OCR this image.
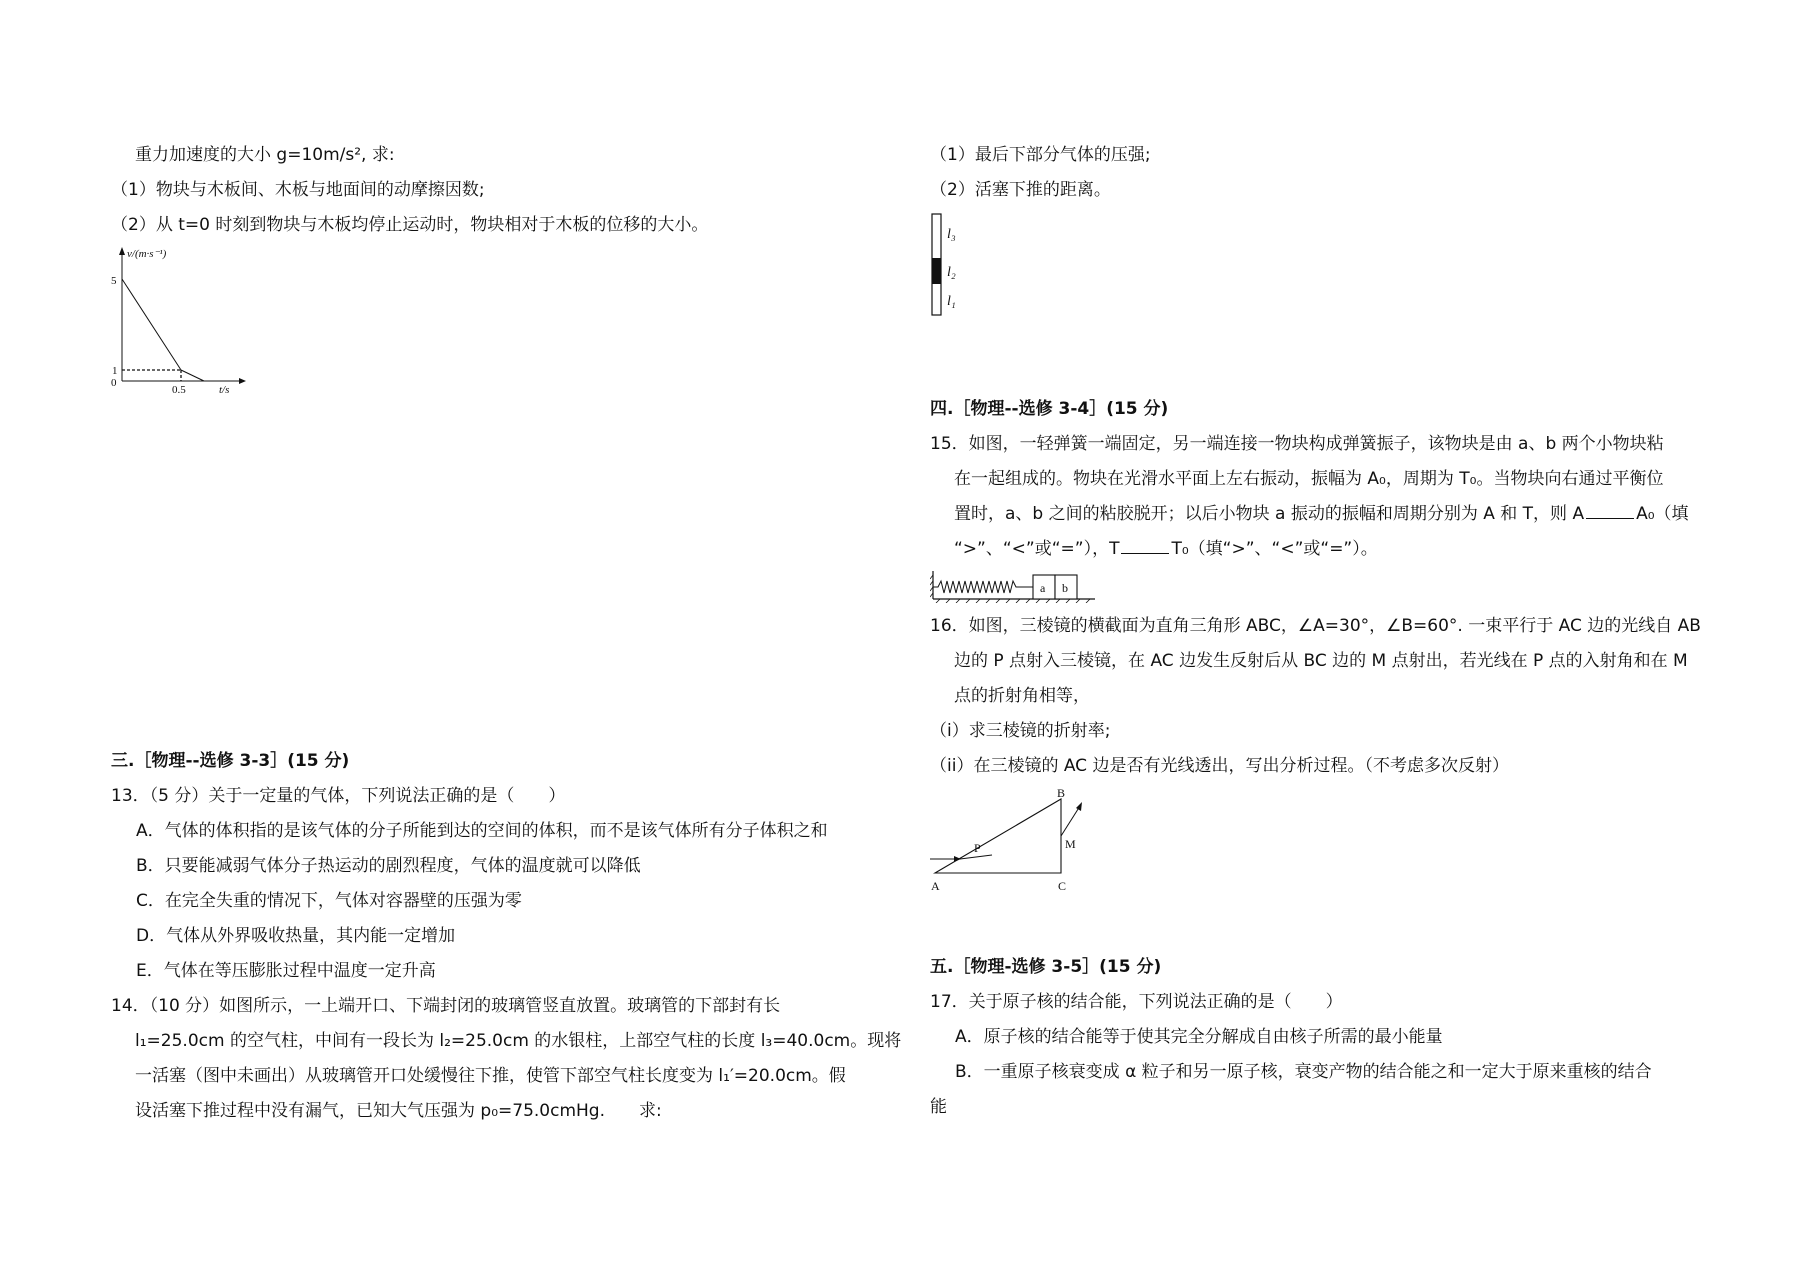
重力加速度的大小 g=10m/s², 求:
（1）物块与木板间、木板与地面间的动摩擦因数;
（2）从 t=0 时刻到物块与木板均停止运动时，物块相对于木板的位移的大小。
v/(m·s⁻¹)
5
1
0
0.5	t/s
三.［物理--选修 3-3］(15 分)
13．（5 分）关于一定量的气体，下列说法正确的是（　　）
A．气体的体积指的是该气体的分子所能到达的空间的体积，而不是该气体所有分子体积之和
B．只要能减弱气体分子热运动的剧烈程度，气体的温度就可以降低
C．在完全失重的情况下，气体对容器壁的压强为零
D．气体从外界吸收热量，其内能一定增加
E．气体在等压膨胀过程中温度一定升高
14．（10 分）如图所示，一上端开口、下端封闭的玻璃管竖直放置。玻璃管的下部封有长
l₁=25.0cm 的空气柱，中间有一段长为 l₂=25.0cm 的水银柱，上部空气柱的长度 l₃=40.0cm。现将
一活塞（图中未画出）从玻璃管开口处缓慢往下推，使管下部空气柱长度变为 l₁′=20.0cm。假
设活塞下推过程中没有漏气，已知大气压强为 p₀=75.0cmHg.　　求:
（1）最后下部分气体的压强;
（2）活塞下推的距离。
l₃
l₂
l₁
四.［物理--选修 3-4］(15 分)
15．如图，一轻弹簧一端固定，另一端连接一物块构成弹簧振子，该物块是由 a、b 两个小物块粘
在一起组成的。物块在光滑水平面上左右振动，振幅为 A₀，周期为 T₀。当物块向右通过平衡位
置时，a、b 之间的粘胶脱开；以后小物块 a 振动的振幅和周期分别为 A 和 T，则 A	A₀（填
“>”、“<”或“=”），T	T₀（填“>”、“<”或“=”）。
a b
16．如图，三棱镜的横截面为直角三角形 ABC，∠A=30°，∠B=60°. 一束平行于 AC 边的光线自 AB
边的 P 点射入三棱镜，在 AC 边发生反射后从 BC 边的 M 点射出，若光线在 P 点的入射角和在 M
点的折射角相等，
（i）求三棱镜的折射率;
（ii）在三棱镜的 AC 边是否有光线透出，写出分析过程。（不考虑多次反射）
A
B
C
P	M
五.［物理-选修 3-5］(15 分)
17．关于原子核的结合能，下列说法正确的是（　　）
A．原子核的结合能等于使其完全分解成自由核子所需的最小能量
B．一重原子核衰变成 α 粒子和另一原子核，衰变产物的结合能之和一定大于原来重核的结合
能
